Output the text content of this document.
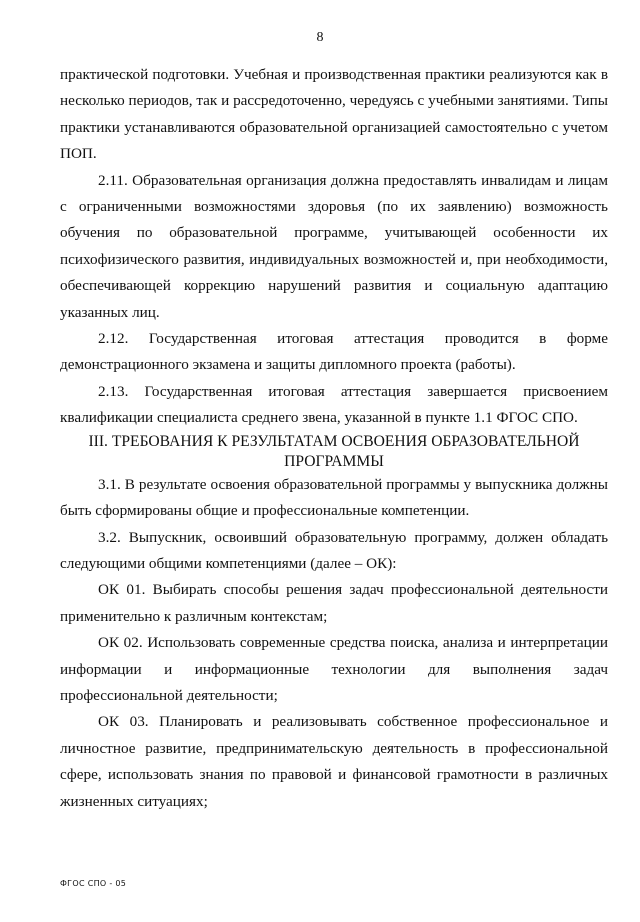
8

практической подготовки. Учебная и производственная практики реализуются как в несколько периодов, так и рассредоточенно, чередуясь с учебными занятиями. Типы практики устанавливаются образовательной организацией самостоятельно с учетом ПОП.

2.11. Образовательная организация должна предоставлять инвалидам и лицам с ограниченными возможностями здоровья (по их заявлению) возможность обучения по образовательной программе, учитывающей особенности их психофизического развития, индивидуальных возможностей и, при необходимости, обеспечивающей коррекцию нарушений развития и социальную адаптацию указанных лиц.

2.12. Государственная итоговая аттестация проводится в форме демонстрационного экзамена и защиты дипломного проекта (работы).

2.13. Государственная итоговая аттестация завершается присвоением квалификации специалиста среднего звена, указанной в пункте 1.1 ФГОС СПО.

III. ТРЕБОВАНИЯ К РЕЗУЛЬТАТАМ ОСВОЕНИЯ ОБРАЗОВАТЕЛЬНОЙ ПРОГРАММЫ

3.1. В результате освоения образовательной программы у выпускника должны быть сформированы общие и профессиональные компетенции.

3.2. Выпускник, освоивший образовательную программу, должен обладать следующими общими компетенциями (далее – ОК):

ОК 01. Выбирать способы решения задач профессиональной деятельности применительно к различным контекстам;

ОК 02. Использовать современные средства поиска, анализа и интерпретации информации и информационные технологии для выполнения задач профессиональной деятельности;

ОК 03. Планировать и реализовывать собственное профессиональное и личностное развитие, предпринимательскую деятельность в профессиональной сфере, использовать знания по правовой и финансовой грамотности в различных жизненных ситуациях;

ФГОС СПО - 05
